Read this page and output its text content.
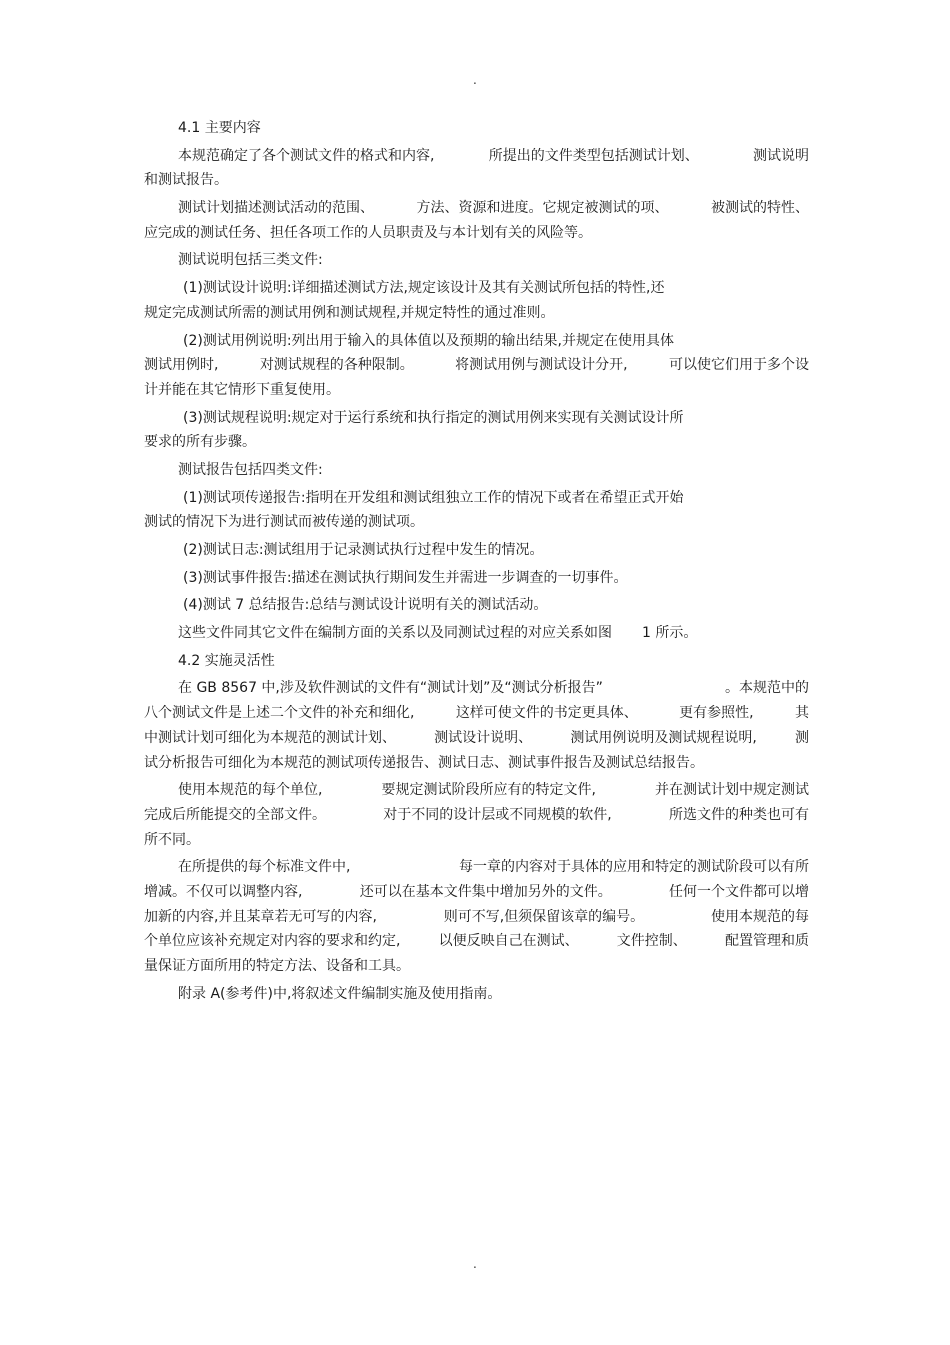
.
4.1 主要内容
本规范确定了各个测试文件的格式和内容,	所提出的文件类型包括测试计划、	测试说明
和测试报告。
测试计划描述测试活动的范围、	方法、资源和进度。它规定被测试的项、	被测试的特性、
应完成的测试任务、担任各项工作的人员职责及与本计划有关的风险等。
测试说明包括三类文件:
(1)测试设计说明:详细描述测试方法,规定该设计及其有关测试所包括的特性,还
规定完成测试所需的测试用例和测试规程,并规定特性的通过准则。
(2)测试用例说明:列出用于输入的具体值以及预期的输出结果,并规定在使用具体
测试用例时,	对测试规程的各种限制。	将测试用例与测试设计分开,	可以使它们用于多个设
计并能在其它情形下重复使用。
(3)测试规程说明:规定对于运行系统和执行指定的测试用例来实现有关测试设计所
要求的所有步骤。
测试报告包括四类文件:
(1)测试项传递报告:指明在开发组和测试组独立工作的情况下或者在希望正式开始
测试的情况下为进行测试而被传递的测试项。
(2)测试日志:测试组用于记录测试执行过程中发生的情况。
(3)测试事件报告:描述在测试执行期间发生并需进一步调查的一切事件。
(4)测试 7 总结报告:总结与测试设计说明有关的测试活动。
这些文件同其它文件在编制方面的关系以及同测试过程的对应关系如图 1 所示。
4.2 实施灵活性
在 GB 8567 中,涉及软件测试的文件有“测试计划”及“测试分析报告”	。本规范中的
八个测试文件是上述二个文件的补充和细化,	这样可使文件的书定更具体、	更有参照性,	其
中测试计划可细化为本规范的测试计划、	测试设计说明、	测试用例说明及测试规程说明,	测
试分析报告可细化为本规范的测试项传递报告、测试日志、测试事件报告及测试总结报告。
使用本规范的每个单位,	要规定测试阶段所应有的特定文件,	并在测试计划中规定测试
完成后所能提交的全部文件。	对于不同的设计层或不同规模的软件,	所选文件的种类也可有
所不同。
在所提供的每个标准文件中,	每一章的内容对于具体的应用和特定的测试阶段可以有所
增减。不仅可以调整内容,	还可以在基本文件集中增加另外的文件。	任何一个文件都可以增
加新的内容,并且某章若无可写的内容,	则可不写,但须保留该章的编号。	使用本规范的每
个单位应该补充规定对内容的要求和约定,	以便反映自己在测试、	文件控制、	配置管理和质
量保证方面所用的特定方法、设备和工具。
附录 A(参考件)中,将叙述文件编制实施及使用指南。
.
